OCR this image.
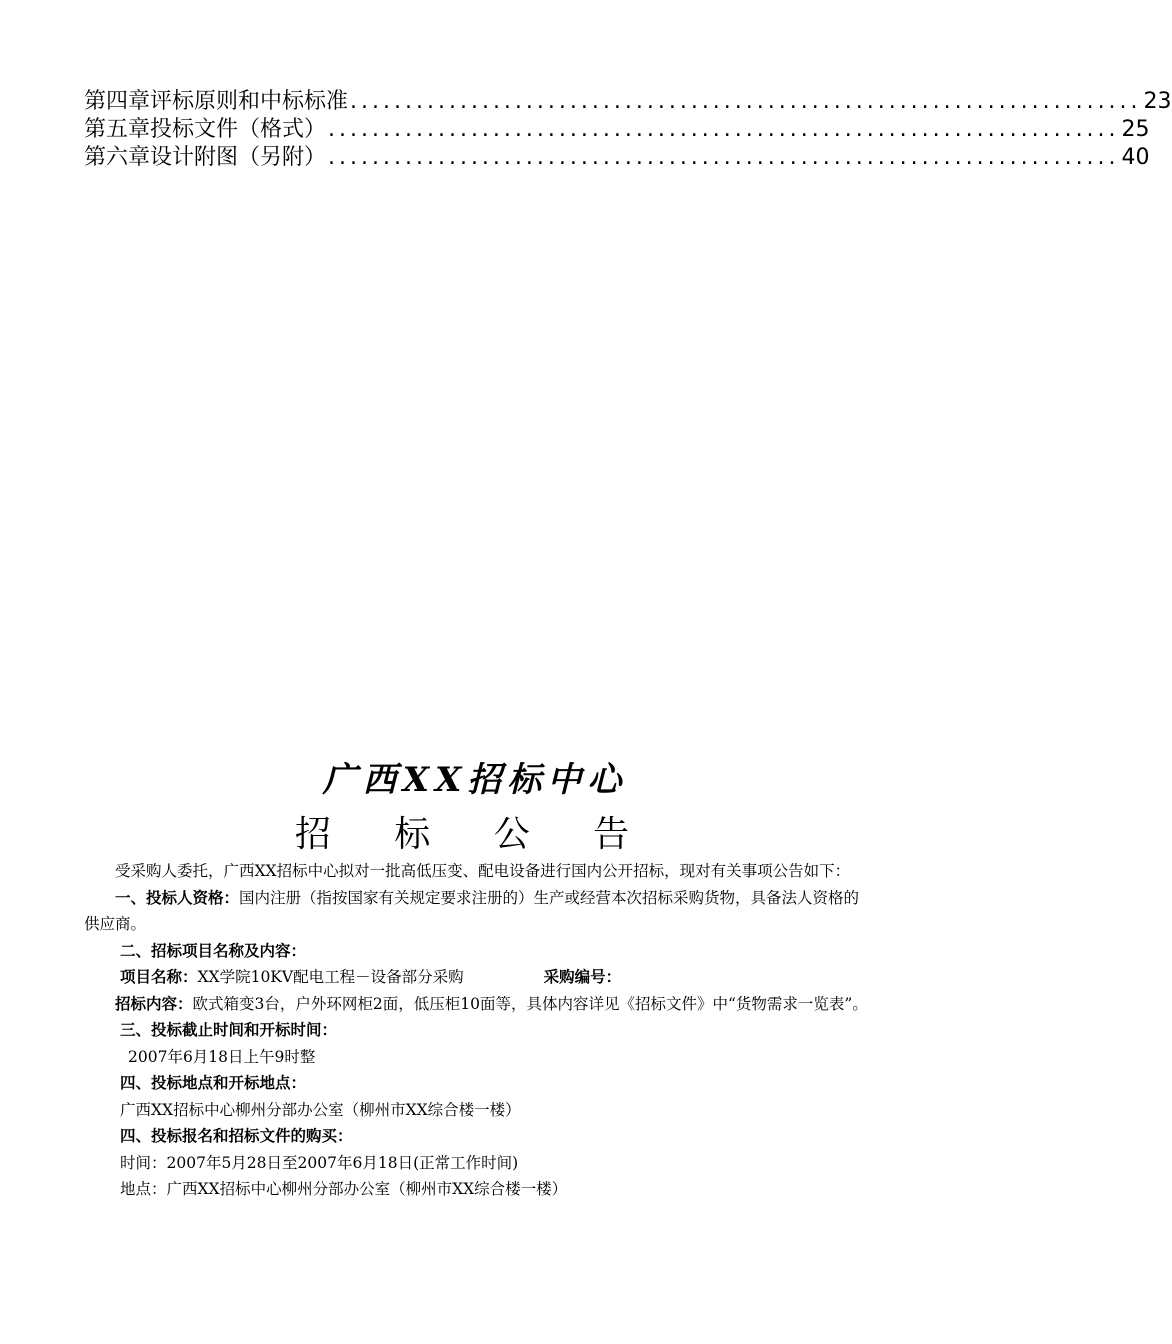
第四章 评标原则和中标标准 ........................................................................ 23
第五章 投标文件（格式） ........................................................................ 25
第六章 设计附图（另附） ........................................................................ 40
广西XX招标中心
招 标 公 告

受采购人委托，广西XX招标中心拟对一批高低压变、配电设备进行国内公开招标，现对有关事项公告如下：

一、投标人资格：国内注册（指按国家有关规定要求注册的）生产或经营本次招标采购货物，具备法人资格的供应商。

二、招标项目名称及内容：

项目名称：XX学院10KV配电工程－设备部分采购	采购编号：

招标内容：欧式箱变3台，户外环网柜2面，低压柜10面等，具体内容详见《招标文件》中“货物需求一览表”。

三、投标截止时间和开标时间：

2007年6月18日上午9时整

四、投标地点和开标地点：

广西XX招标中心柳州分部办公室（柳州市XX综合楼一楼）

四、投标报名和招标文件的购买：

时间：2007年5月28日至2007年6月18日(正常工作时间)

地点：广西XX招标中心柳州分部办公室（柳州市XX综合楼一楼）
